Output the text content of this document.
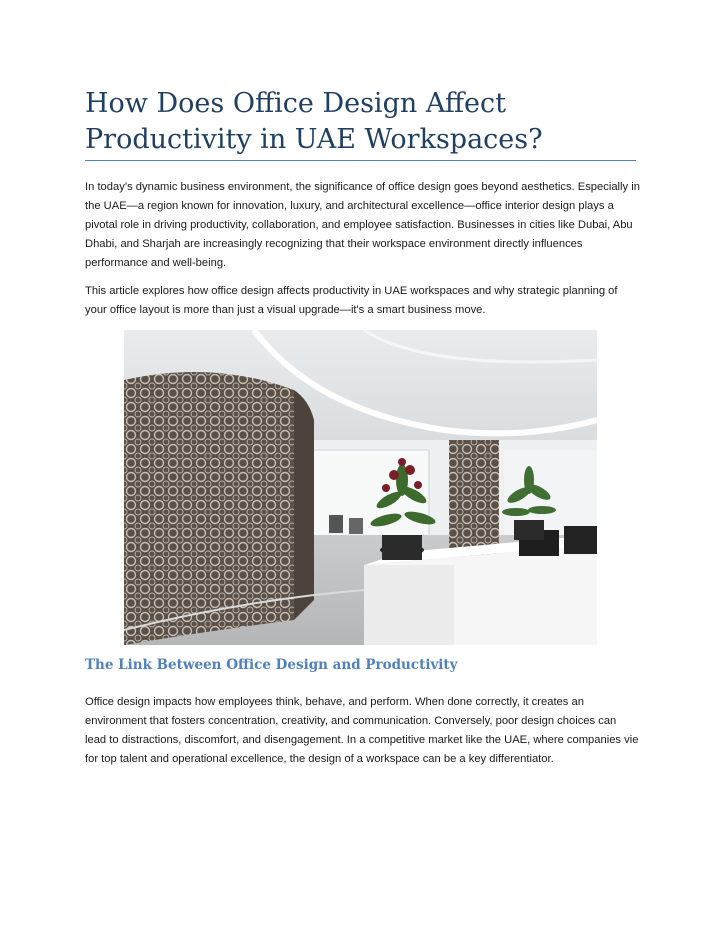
How Does Office Design Affect Productivity in UAE Workspaces?

In today’s dynamic business environment, the significance of office design goes beyond aesthetics. Especially in the UAE—a region known for innovation, luxury, and architectural excellence—office interior design plays a pivotal role in driving productivity, collaboration, and employee satisfaction. Businesses in cities like Dubai, Abu Dhabi, and Sharjah are increasingly recognizing that their workspace environment directly influences performance and well-being.

This article explores how office design affects productivity in UAE workspaces and why strategic planning of your office layout is more than just a visual upgrade—it's a smart business move.

The Link Between Office Design and Productivity

Office design impacts how employees think, behave, and perform. When done correctly, it creates an environment that fosters concentration, creativity, and communication. Conversely, poor design choices can lead to distractions, discomfort, and disengagement. In a competitive market like the UAE, where companies vie for top talent and operational excellence, the design of a workspace can be a key differentiator.
